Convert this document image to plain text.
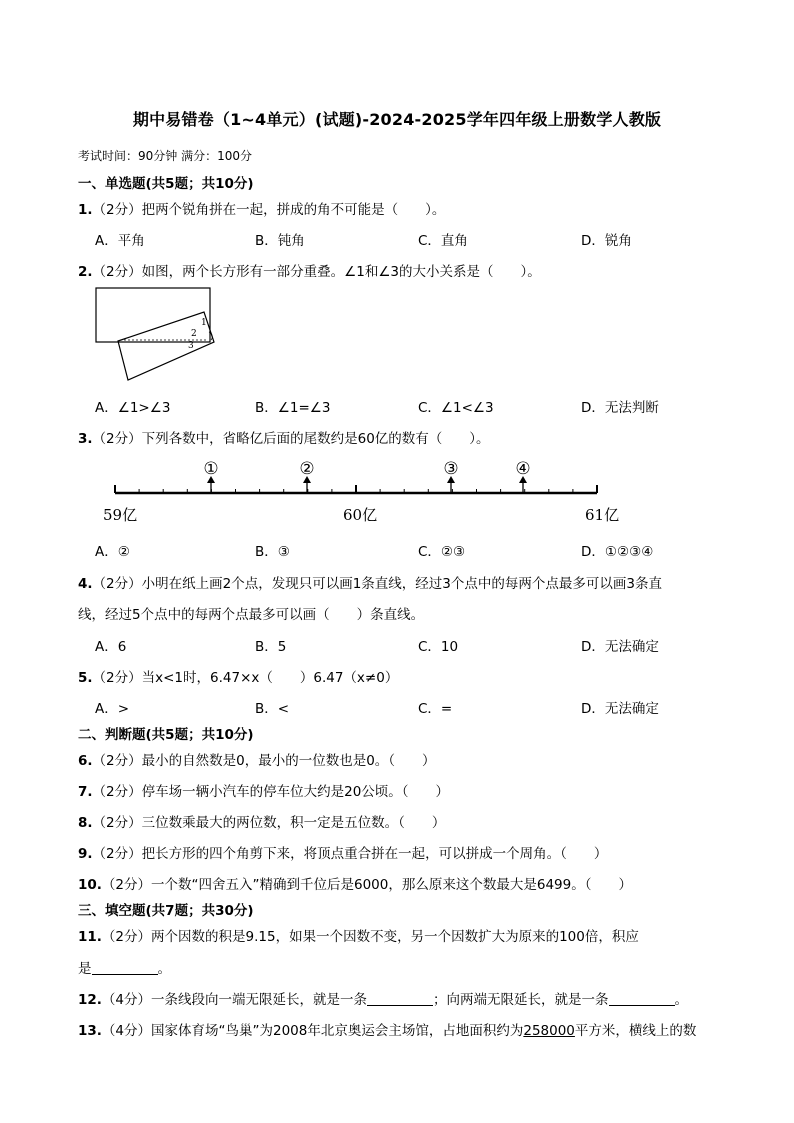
期中易错卷（1~4单元）(试题)-2024-2025学年四年级上册数学人教版
考试时间：90分钟 满分：100分
一、单选题(共5题；共10分)
1.（2分）把两个锐角拼在一起，拼成的角不可能是（　　）。
A．平角	B．钝角	C．直角	D．锐角
2.（2分）如图，两个长方形有一部分重叠。∠1和∠3的大小关系是（　　）。
1
2
3
A．∠1>∠3	B．∠1=∠3	C．∠1<∠3	D．无法判断
3.（2分）下列各数中，省略亿后面的尾数约是60亿的数有（　　）。
①	②	③	④
59亿	60亿	61亿
A．②	B．③	C．②③	D．①②③④
4.（2分）小明在纸上画2个点，发现只可以画1条直线，经过3个点中的每两个点最多可以画3条直
线，经过5个点中的每两个点最多可以画（　　）条直线。
A．6	B．5	C．10	D．无法确定
5.（2分）当x<1时，6.47×x（　　）6.47（x≠0）
A．>	B．<	C．=	D．无法确定
二、判断题(共5题；共10分)
6.（2分）最小的自然数是0，最小的一位数也是0。（　　）
7.（2分）停车场一辆小汽车的停车位大约是20公顷。（　　）
8.（2分）三位数乘最大的两位数，积一定是五位数。（　　）
9.（2分）把长方形的四个角剪下来，将顶点重合拼在一起，可以拼成一个周角。（　　）
10.（2分）一个数“四舍五入”精确到千位后是6000，那么原来这个数最大是6499。（　　）
三、填空题(共7题；共30分)
11.（2分）两个因数的积是9.15，如果一个因数不变，另一个因数扩大为原来的100倍，积应
是	。
12.（4分）一条线段向一端无限延长，就是一条	；向两端无限延长，就是一条	。
13.（4分）国家体育场“鸟巢”为2008年北京奥运会主场馆，占地面积约为258000平方米，横线上的数
